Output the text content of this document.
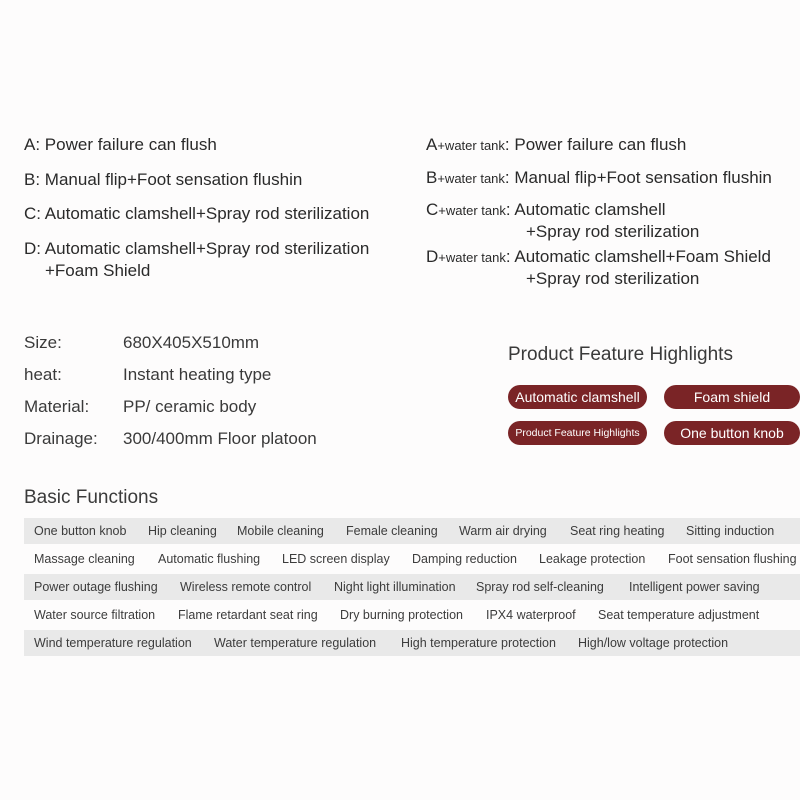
A: Power failure can flush
B: Manual flip+Foot sensation flushin
C: Automatic clamshell+Spray rod sterilization
D: Automatic clamshell+Spray rod sterilization
+Foam Shield
A+water tank: Power failure can flush
B+water tank: Manual flip+Foot sensation flushin
C+water tank: Automatic clamshell
+Spray rod sterilization
D+water tank: Automatic clamshell+Foam Shield
+Spray rod sterilization
Size:	680X405X510mm
heat:	Instant heating type
Material: PP/ ceramic body
Drainage: 300/400mm Floor platoon
Product Feature Highlights
Automatic clamshell	Foam shield
Product Feature Highlights	One button knob
Basic Functions
One button knob Hip cleaning Mobile cleaning Female cleaning Warm air drying Seat ring heating Sitting induction
Massage cleaning Automatic flushing LED screen display Damping reduction Leakage protection Foot sensation flushing
Power outage flushing Wireless remote control Night light illumination Spray rod self-cleaning Intelligent power saving
Water source filtration Flame retardant seat ring Dry burning protection IPX4 waterproof Seat temperature adjustment
Wind temperature regulation Water temperature regulation High temperature protection High/low voltage protection
